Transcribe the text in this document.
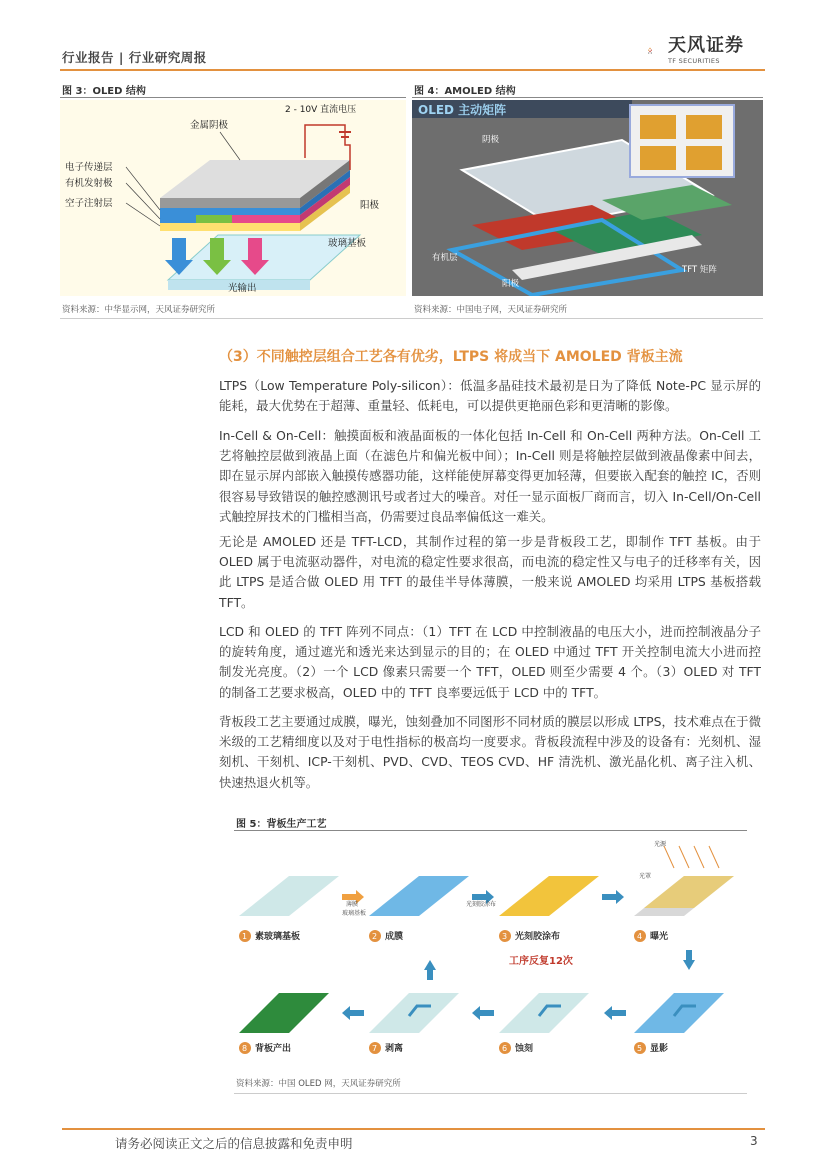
行业报告 | 行业研究周报
天风证券
TF SECURITIES
图 3：OLED 结构
2 - 10V 直流电压
金属阴极
电子传递层
有机发射极
空子注射层	阳极
玻璃基板
光输出
资料来源：中华显示网，天风证券研究所
图 4：AMOLED 结构
OLED 主动矩阵
阴极
有机层
阳极
TFT 矩阵
资料来源：中国电子网，天风证券研究所
（3）不同触控层组合工艺各有优劣，LTPS 将成当下 AMOLED 背板主流
LTPS（Low Temperature Poly-silicon）：低温多晶硅技术最初是日为了降低 Note-PC 显示屏的能耗，最大优势在于超薄、重量轻、低耗电，可以提供更艳丽色彩和更清晰的影像。
In-Cell & On-Cell：触摸面板和液晶面板的一体化包括 In-Cell 和 On-Cell 两种方法。On-Cell 工艺将触控层做到液晶上面（在滤色片和偏光板中间）；In-Cell 则是将触控层做到液晶像素中间去，即在显示屏内部嵌入触摸传感器功能，这样能使屏幕变得更加轻薄，但要嵌入配套的触控 IC，否则很容易导致错误的触控感测讯号或者过大的噪音。对任一显示面板厂商而言，切入 In-Cell/On-Cell 式触控屏技术的门槛相当高，仍需要过良品率偏低这一难关。
无论是 AMOLED 还是 TFT-LCD，其制作过程的第一步是背板段工艺，即制作 TFT 基板。由于 OLED 属于电流驱动器件，对电流的稳定性要求很高，而电流的稳定性又与电子的迁移率有关，因此 LTPS 是适合做 OLED 用 TFT 的最佳半导体薄膜，一般来说 AMOLED 均采用 LTPS 基板搭载 TFT。
LCD 和 OLED 的 TFT 阵列不同点：（1）TFT 在 LCD 中控制液晶的电压大小，进而控制液晶分子的旋转角度，通过遮光和透光来达到显示的目的；在 OLED 中通过 TFT 开关控制电流大小进而控制发光亮度。（2）一个 LCD 像素只需要一个 TFT，OLED 则至少需要 4 个。（3）OLED 对 TFT 的制备工艺要求极高，OLED 中的 TFT 良率要远低于 LCD 中的 TFT。
背板段工艺主要通过成膜，曝光，蚀刻叠加不同图形不同材质的膜层以形成 LTPS，技术难点在于微米级的工艺精细度以及对于电性指标的极高均一度要求。背板段流程中涉及的设备有：光刻机、湿刻机、干刻机、ICP-干刻机、PVD、CVD、TEOS CVD、HF 清洗机、激光晶化机、离子注入机、快速热退火机等。
图 5：背板生产工艺
1 素玻璃基板	2 成膜	3 光刻胶涂布	4 曝光
薄膜
玻璃基板
光刻胶涂布
光源
光罩
工序反复12次
8 背板产出	7 剥离	6 蚀刻	5 显影
资料来源：中国 OLED 网，天风证券研究所
请务必阅读正文之后的信息披露和免责申明	3
